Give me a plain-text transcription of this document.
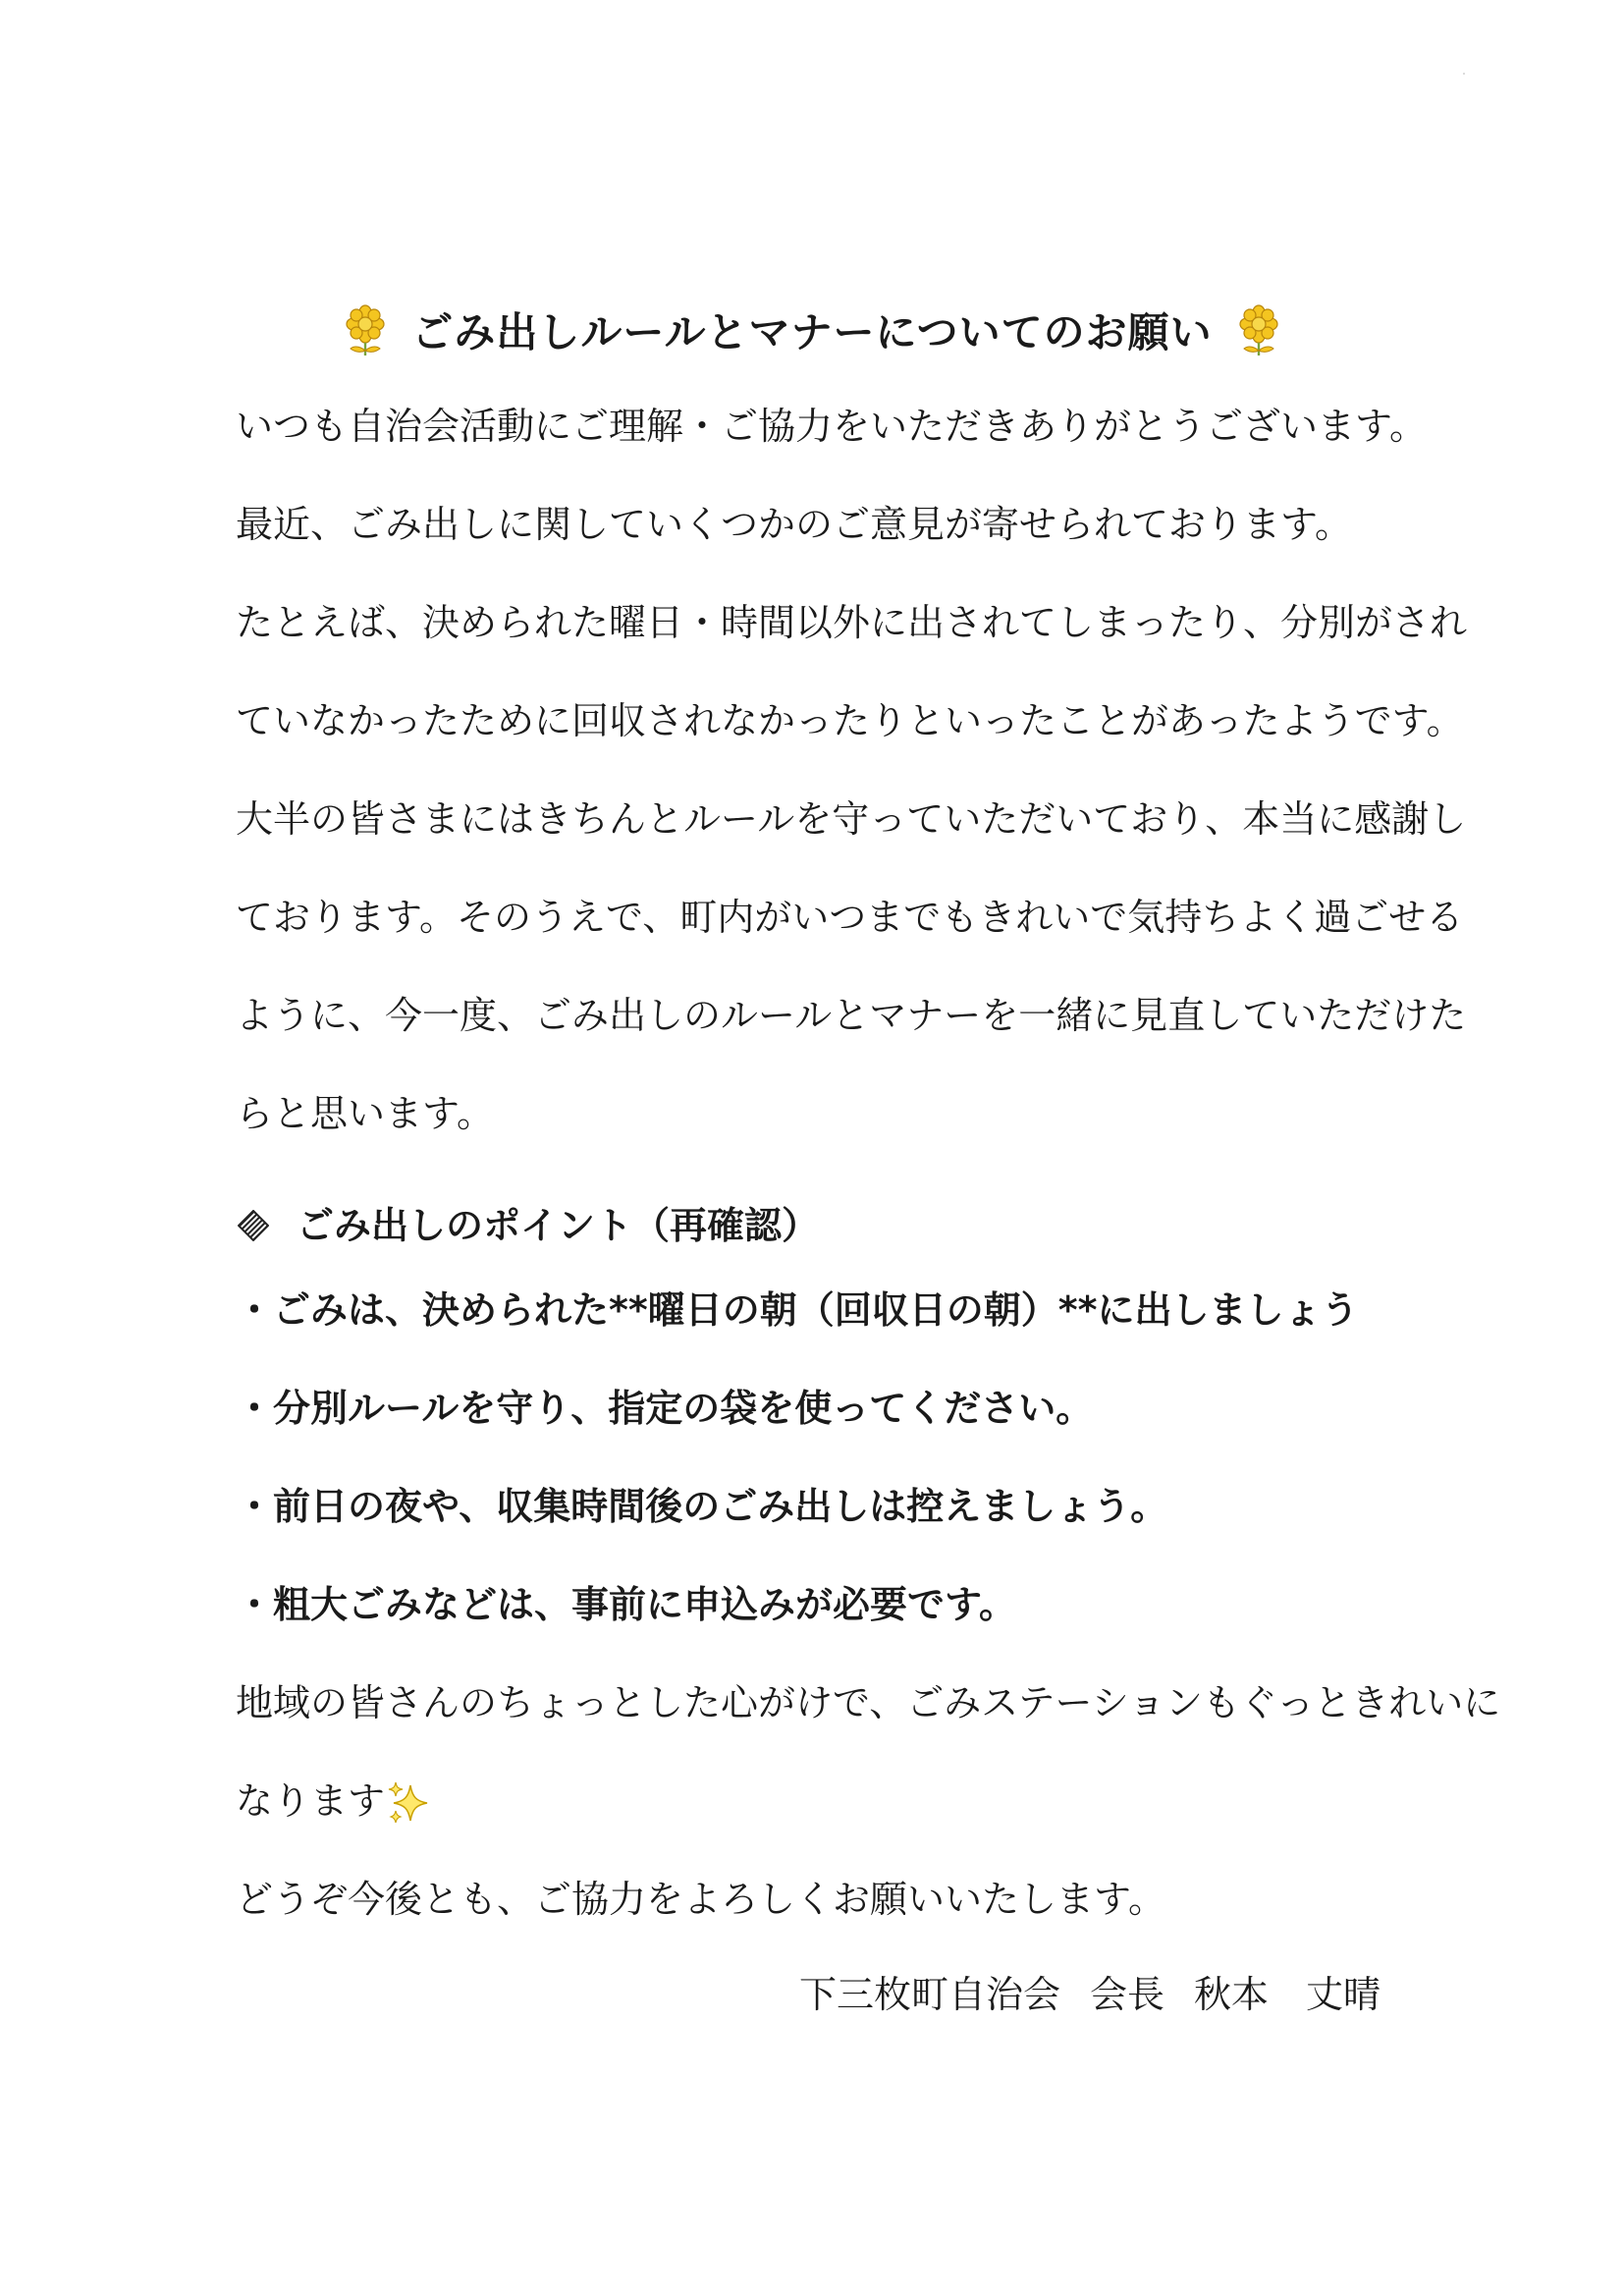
ごみ出しルールとマナーについてのお願い
いつも自治会活動にご理解・ご協力をいただきありがとうございます。
最近、ごみ出しに関していくつかのご意見が寄せられております。
たとえば、決められた曜日・時間以外に出されてしまったり、分別がされ
ていなかったために回収されなかったりといったことがあったようです。
大半の皆さまにはきちんとルールを守っていただいており、本当に感謝し
ております。そのうえで、町内がいつまでもきれいで気持ちよく過ごせる
ように、今一度、ごみ出しのルールとマナーを一緒に見直していただけた
らと思います。
ごみ出しのポイント（再確認）
・ごみは、決められた**曜日の朝（回収日の朝）**に出しましょう
・分別ルールを守り、指定の袋を使ってください。
・前日の夜や、収集時間後のごみ出しは控えましょう。
・粗大ごみなどは、事前に申込みが必要です。
地域の皆さんのちょっとした心がけで、ごみステーションもぐっときれいに
なります
どうぞ今後とも、ご協力をよろしくお願いいたします。
下三枚町自治会 会長 秋本　丈晴
